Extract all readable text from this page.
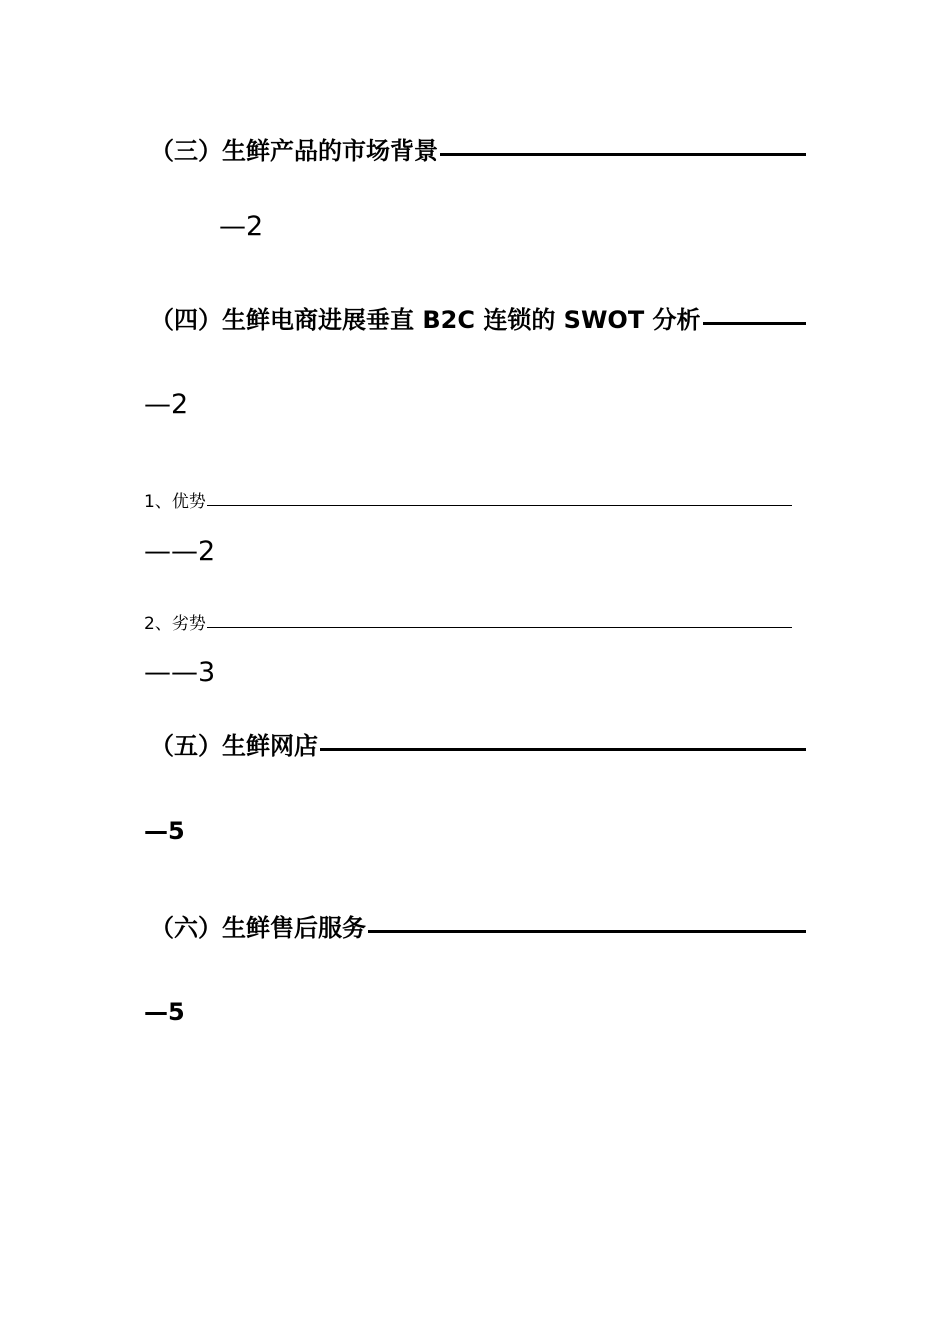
（三）生鲜产品的市场背景
—2
（四）生鲜电商进展垂直 B2C 连锁的 SWOT 分析
—2
1、优势
——2
2、劣势
——3
（五）生鲜网店
—5
（六）生鲜售后服务
—5
